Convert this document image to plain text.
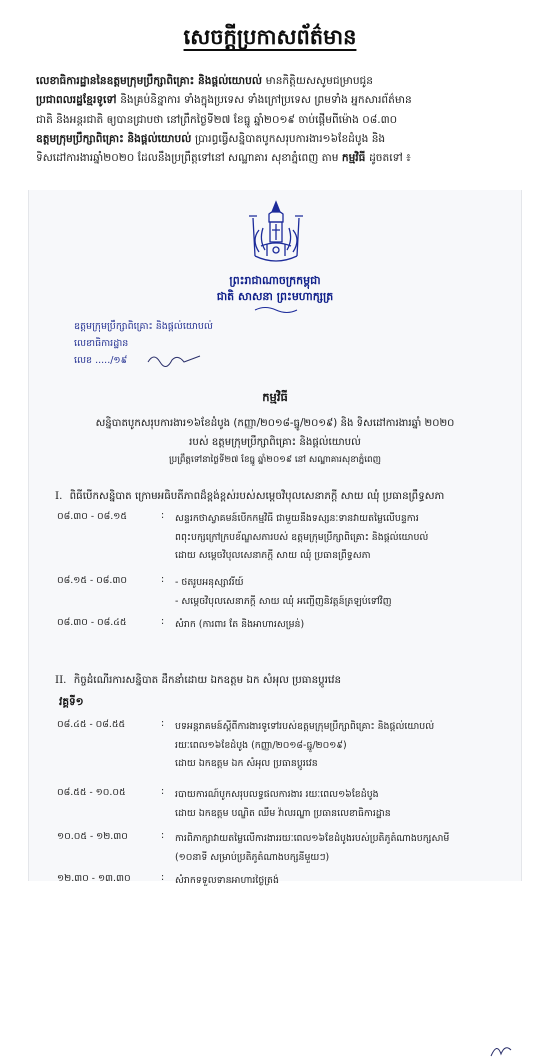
សេចក្តីប្រកាសព័ត៌មាន
លេខាធិការដ្ឋាននៃឧត្តមក្រុមប្រឹក្សាពិគ្រោះ និងផ្តល់យោបល់ មានកិត្តិយសសូមជម្រាបជូន
ប្រជាពលរដ្ឋខ្មែរទូទៅ និងគ្រប់និន្នាការ ទាំងក្នុងប្រទេស ទាំងក្រៅប្រទេស ព្រមទាំង អ្នកសារព័ត៌មាន
ជាតិ និងអន្តរជាតិ ឲ្យបានជ្រាបថា នៅព្រឹកថ្ងៃទី២៧ ខែធ្នូ ឆ្នាំ២០១៩ ចាប់ផ្តើមពីម៉ោង ០៨.៣០
ឧត្តមក្រុមប្រឹក្សាពិគ្រោះ និងផ្តល់យោបល់ ប្រារព្ធធ្វើសន្និបាតបូកសរុបការងារ១៦ខែដំបូង និង
ទិសដៅការងារឆ្នាំ២០២០ ដែលនឹងប្រព្រឹត្តទៅនៅ សណ្ឋាគារ សុខាភ្នំពេញ តាម កម្មវិធី ដូចតទៅ ៖
ព្រះរាជាណាចក្រកម្ពុជា
ជាតិ សាសនា ព្រះមហាក្សត្រ
ឧត្តមក្រុមប្រឹក្សាពិគ្រោះ និងផ្តល់យោបល់
លេខាធិការដ្ឋាន
លេខ ...../១៩
កម្មវិធី
សន្និបាតបូកសរុបការងារ១៦ខែដំបូង (កញ្ញា/២០១៨-ធ្នូ/២០១៩) និង ទិសដៅការងារឆ្នាំ ២០២០
របស់ ឧត្តមក្រុមប្រឹក្សាពិគ្រោះ និងផ្តល់យោបល់
ប្រព្រឹត្តទៅនាថ្ងៃទី២៧ ខែធ្នូ ឆ្នាំ២០១៩ នៅ សណ្ឋាគារសុខាភ្នំពេញ
I. ពិធីបើកសន្និបាត ក្រោមអធិបតីភាពដ៏ខ្ពង់ខ្ពស់របស់សម្តេចវិបុលសេនាភក្តី សាយ ឈុំ ប្រធានព្រឹទ្ធសភា
II. កិច្ចដំណើរការសន្និបាត ដឹកនាំដោយ ឯកឧត្តម ឯក សំអុល ប្រធានប្តូរវេន
វគ្គទី១
០៨.៣០ - ០៨.១៥	: សន្ទរកថាស្វាគមន៍បើកកម្មវិធី ជាមួយនឹងទស្សនៈទានវាយតម្លៃលើបន្ទការ
ពពុះបក្សក្រៅក្របខ័ណ្ឌសភារបស់ ឧត្តមក្រុមប្រឹក្សាពិគ្រោះ និងផ្តល់យោបល់
ដោយ សម្តេចវិបុលសេនាភក្តី សាយ ឈុំ ប្រធានព្រឹទ្ធសភា
០៨.១៥ - ០៨.៣០	: - ថតរូបអនុស្សាវរីយ៍
- សម្តេចវិបុលសេនាភក្តី សាយ ឈុំ អញ្ជើញនិវត្តន៍ត្រឡប់ទៅវិញ
០៨.៣០ - ០៨.៤៥	: សំរាក (ការពារ តែ និងអាហារសម្រន់)
០៨.៤៥ - ០៨.៥៥	: បទអន្តរាគមន៍ស្តីពីការងារទូទៅរបស់ឧត្តមក្រុមប្រឹក្សាពិគ្រោះ និងផ្តល់យោបល់
រយៈពេល១៦ខែដំបូង (កញ្ញា/២០១៨-ធ្នូ/២០១៩)
ដោយ ឯកឧត្តម ឯក សំអុល ប្រធានប្តូរវេន
០៨.៥៥ - ១០.០៥	: របាយការណ៍បូកសរុបលទ្ធផលការងារ រយៈពេល១៦ខែដំបូង
ដោយ ឯកឧត្តម បណ្ឌិត ឈឹម វ៉ាលរណ្ឌា ប្រធានលេខាធិការដ្ឋាន
១០.០៥ - ១២.៣០	: ការពិភាក្សាវាយតម្លៃលើការងាររយៈពេល១៦ខែដំបូងរបស់ប្រតិភូតំណាងបក្សសាមី
(១០នាទី សម្រាប់ប្រតិភូតំណាងបក្សនីមួយៗ)
១២.៣០ - ១៣.៣០	: សំរាកទទួលទានអាហារថ្ងៃត្រង់
